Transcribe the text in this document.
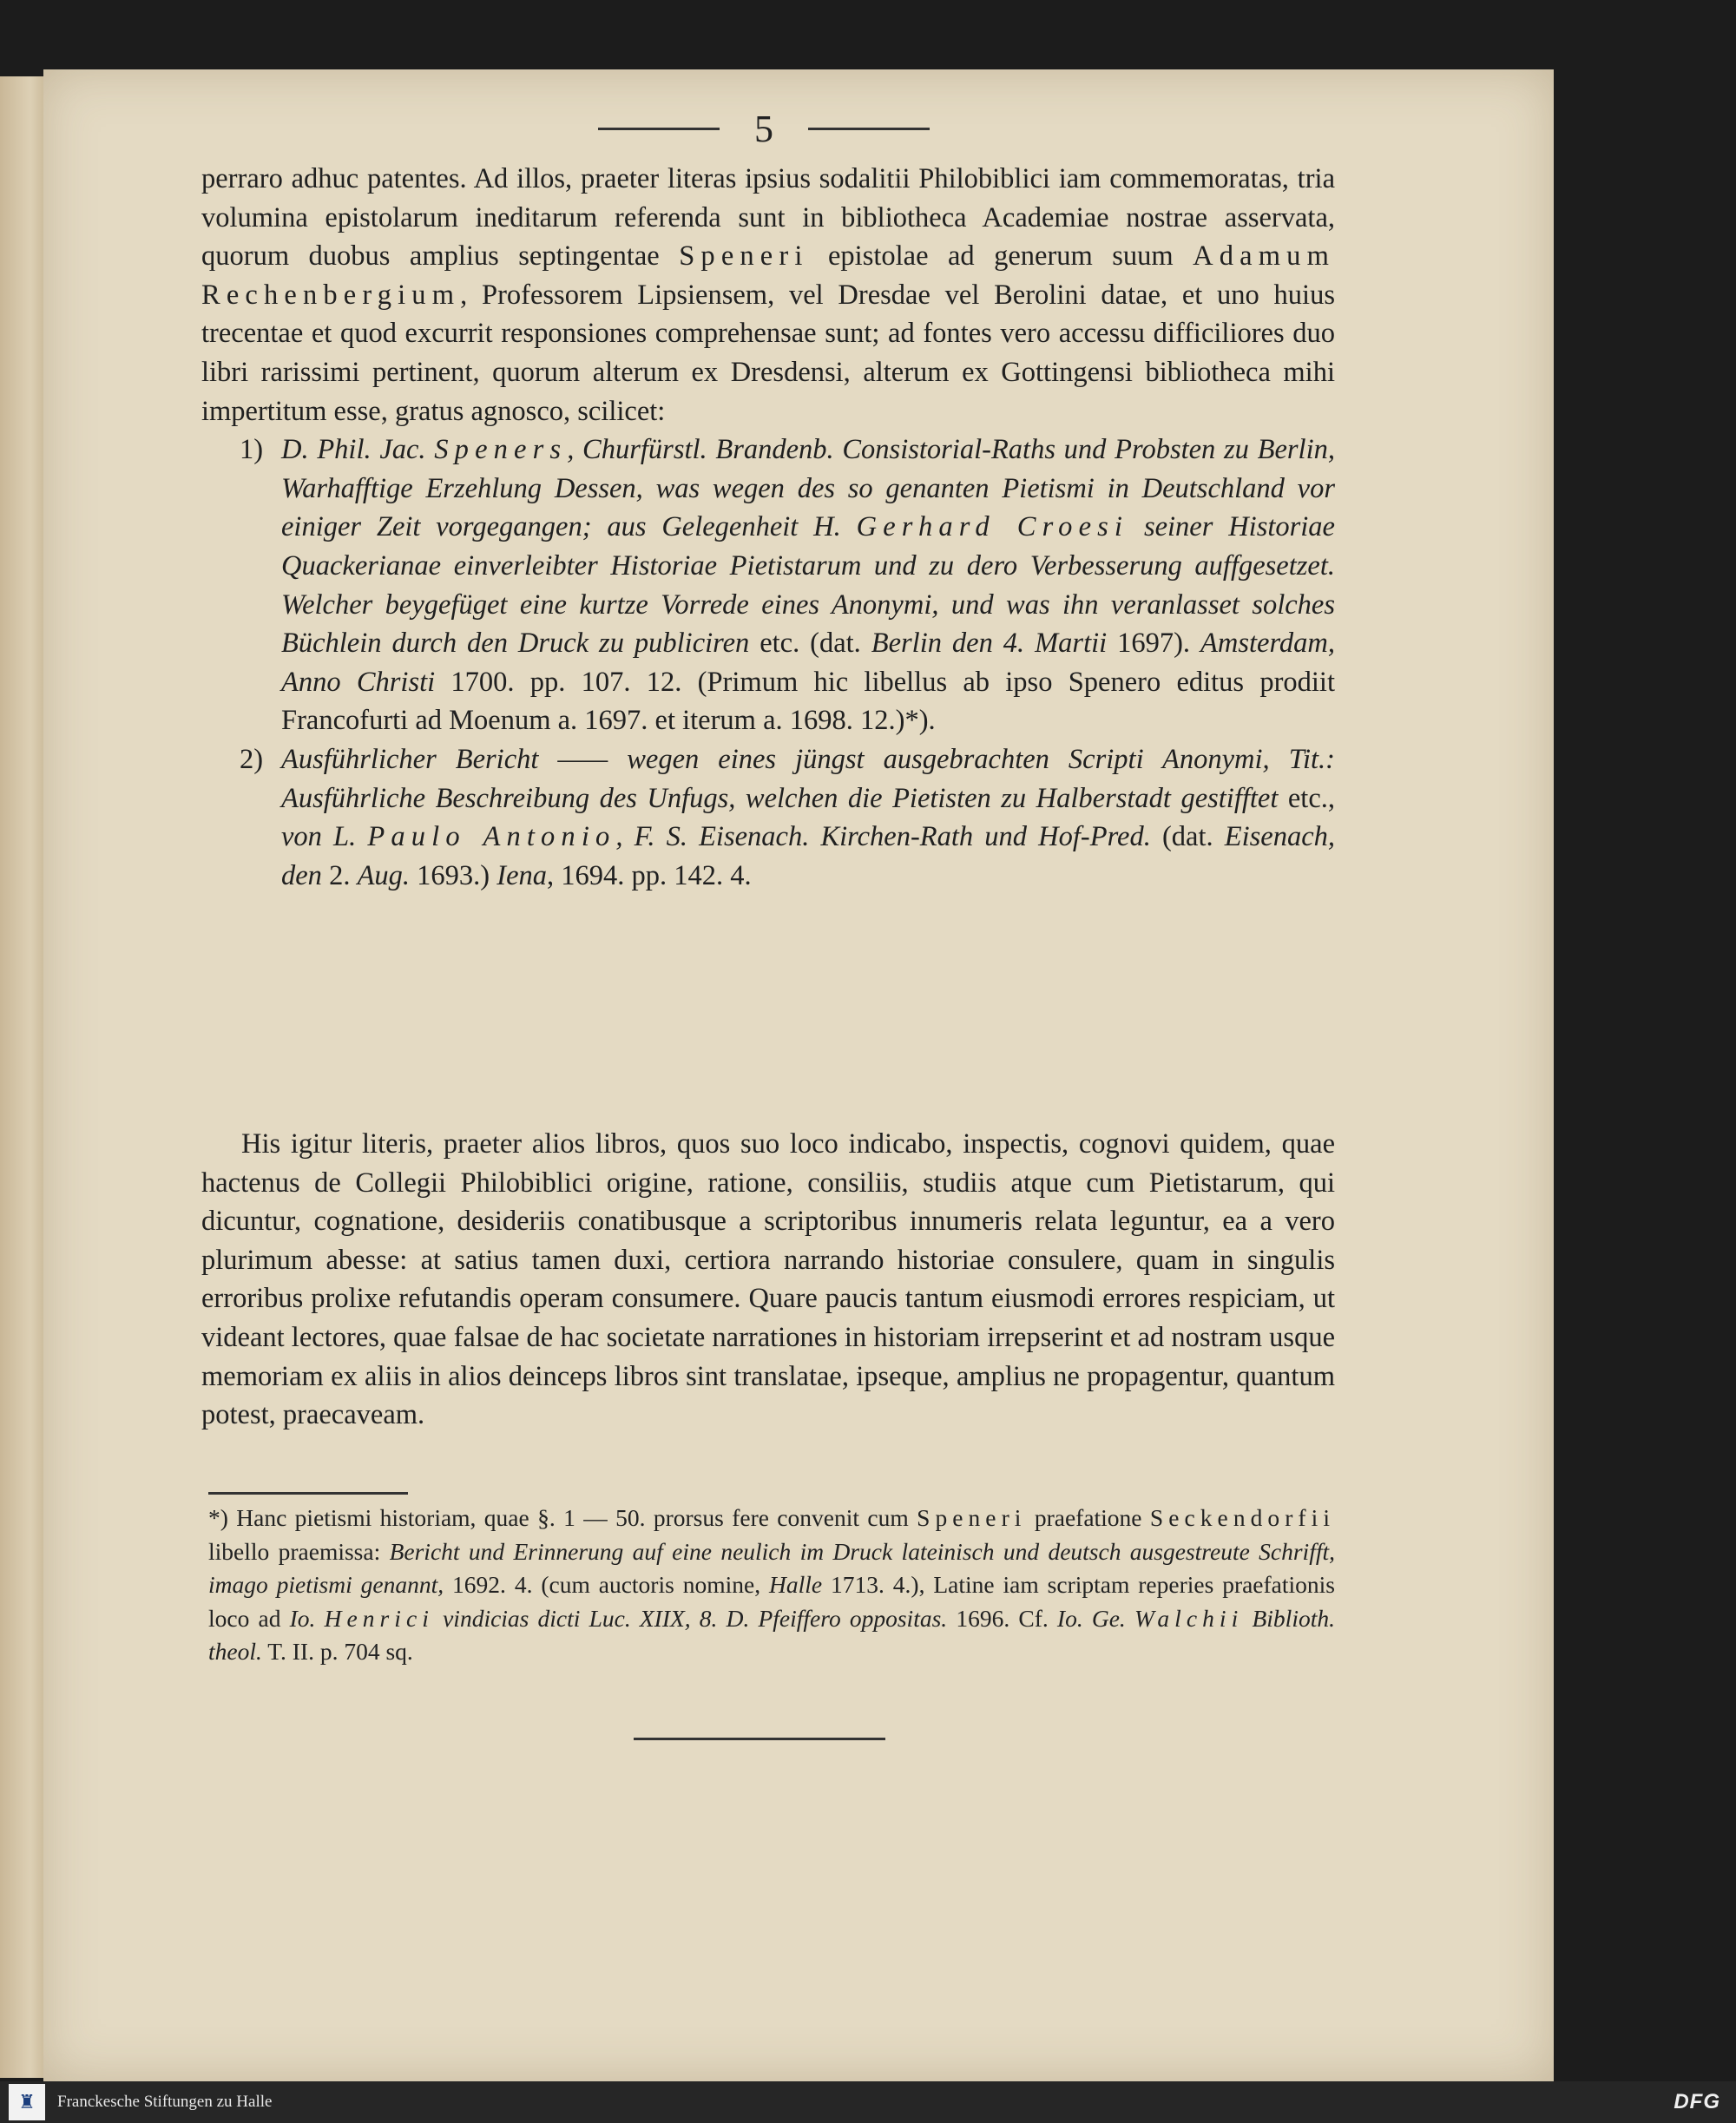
5

perraro adhuc patentes. Ad illos, praeter literas ipsius sodalitii Philobiblici iam commemoratas, tria volumina epistolarum ineditarum referenda sunt in bibliotheca Academiae nostrae asservata, quorum duobus amplius septingentae Speneri epistolae ad generum suum Adamum Rechenbergium, Professorem Lipsiensem, vel Dresdae vel Berolini datae, et uno huius trecentae et quod excurrit responsiones comprehensae sunt; ad fontes vero accessu difficiliores duo libri rarissimi pertinent, quorum alterum ex Dresdensi, alterum ex Gottingensi bibliotheca mihi impertitum esse, gratus agnosco, scilicet:

1) D. Phil. Jac. Speners, Churfürstl. Brandenb. Consistorial-Raths und Probsten zu Berlin, Warhafftige Erzehlung Dessen, was wegen des so genanten Pietismi in Deutschland vor einiger Zeit vorgegangen; aus Gelegenheit H. Gerhard Croesi seiner Historiae Quackerianae einverleibter Historiae Pietistarum und zu dero Verbesserung auffgesetzet. Welcher beygefüget eine kurtze Vorrede eines Anonymi, und was ihn veranlasset solches Büchlein durch den Druck zu publiciren etc. (dat. Berlin den 4. Martii 1697). Amsterdam, Anno Christi 1700. pp. 107. 12. (Primum hic libellus ab ipso Spenero editus prodiit Francofurti ad Moenum a. 1697. et iterum a. 1698. 12.)*).
2) Ausführlicher Bericht —— wegen eines jüngst ausgebrachten Scripti Anonymi, Tit.: Ausführliche Beschreibung des Unfugs, welchen die Pietisten zu Halberstadt gestifftet etc., von L. Paulo Antonio, F. S. Eisenach. Kirchen-Rath und Hof-Pred. (dat. Eisenach, den 2. Aug. 1693.) Iena, 1694. pp. 142. 4.

His igitur literis, praeter alios libros, quos suo loco indicabo, inspectis, cognovi quidem, quae hactenus de Collegii Philobiblici origine, ratione, consiliis, studiis atque cum Pietistarum, qui dicuntur, cognatione, desideriis conatibusque a scriptoribus innumeris relata leguntur, ea a vero plurimum abesse: at satius tamen duxi, certiora narrando historiae consulere, quam in singulis erroribus prolixe refutandis operam consumere. Quare paucis tantum eiusmodi errores respiciam, ut videant lectores, quae falsae de hac societate narrationes in historiam irrepserint et ad nostram usque memoriam ex aliis in alios deinceps libros sint translatae, ipseque, amplius ne propagentur, quantum potest, praecaveam.

*) Hanc pietismi historiam, quae §. 1 — 50. prorsus fere convenit cum Speneri praefatione Seckendorfii libello praemissa: Bericht und Erinnerung auf eine neulich im Druck lateinisch und deutsch ausgestreute Schrifft, imago pietismi genannt, 1692. 4. (cum auctoris nomine, Halle 1713. 4.), Latine iam scriptam reperies praefationis loco ad Io. Henrici vindicias dicti Luc. XIIX, 8. D. Pfeiffero oppositas. 1696. Cf. Io. Ge. Walchii Biblioth. theol. T. II. p. 704 sq.
♜	Franckesche Stiftungen zu Halle	DFG
